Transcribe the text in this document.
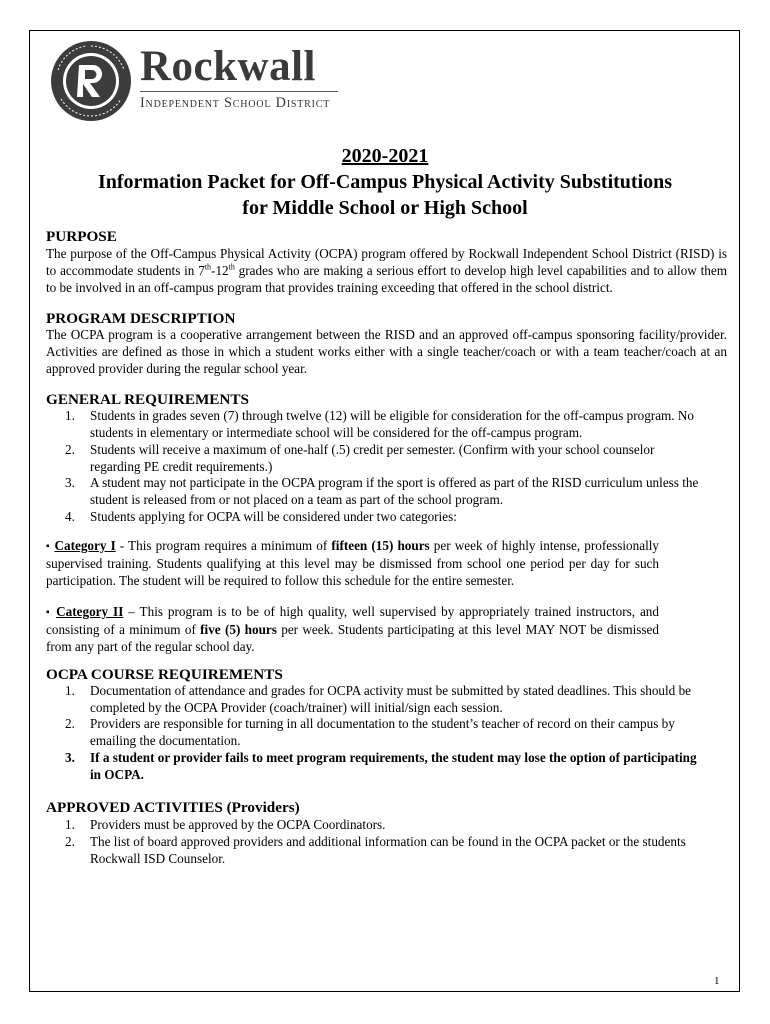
Rockwall
Independent School District
2020-2021
Information Packet for Off-Campus Physical Activity Substitutions
for Middle School or High School
PURPOSE

The purpose of the Off-Campus Physical Activity (OCPA) program offered by Rockwall Independent School District (RISD) is to accommodate students in 7th-12th grades who are making a serious effort to develop high level capabilities and to allow them to be involved in an off-campus program that provides training exceeding that offered in the school district.

PROGRAM DESCRIPTION

The OCPA program is a cooperative arrangement between the RISD and an approved off-campus sponsoring facility/provider. Activities are defined as those in which a student works either with a single teacher/coach or with a team teacher/coach at an approved provider during the regular school year.

GENERAL REQUIREMENTS
1.	Students in grades seven (7) through twelve (12) will be eligible for consideration for the off-campus program. No students in elementary or intermediate school will be considered for the off-campus program.
2.	Students will receive a maximum of one-half (.5) credit per semester. (Confirm with your school counselor regarding PE credit requirements.)
3.	A student may not participate in the OCPA program if the sport is offered as part of the RISD curriculum unless the student is released from or not placed on a team as part of the school program.
4.	Students applying for OCPA will be considered under two categories:

▪ Category I - This program requires a minimum of fifteen (15) hours per week of highly intense, professionally supervised training. Students qualifying at this level may be dismissed from school one period per day for such participation. The student will be required to follow this schedule for the entire semester.

▪ Category II – This program is to be of high quality, well supervised by appropriately trained instructors, and consisting of a minimum of five (5) hours per week. Students participating at this level MAY NOT be dismissed from any part of the regular school day.

OCPA COURSE REQUIREMENTS
1.	Documentation of attendance and grades for OCPA activity must be submitted by stated deadlines. This should be completed by the OCPA Provider (coach/trainer) will initial/sign each session.
2.	Providers are responsible for turning in all documentation to the student’s teacher of record on their campus by emailing the documentation.
3.	If a student or provider fails to meet program requirements, the student may lose the option of participating in OCPA.
APPROVED ACTIVITIES (Providers)
1.	Providers must be approved by the OCPA Coordinators.
2.	The list of board approved providers and additional information can be found in the OCPA packet or the students Rockwall ISD Counselor.
1
